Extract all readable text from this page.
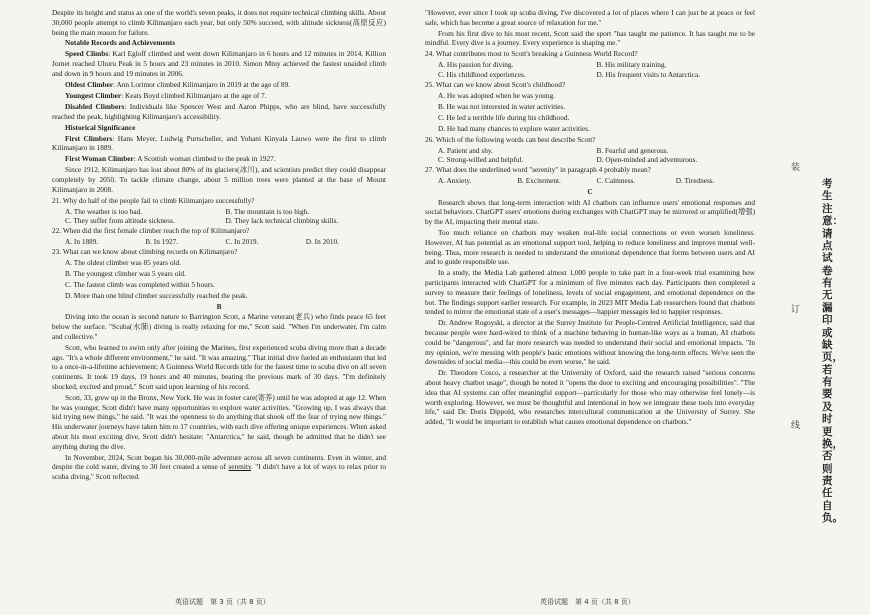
Despite its height and status as one of the world's seven peaks, it does not require technical climbing skills. About 30,000 people attempt to climb Kilimanjaro each year, but only 50% succeed, with altitude sickness(高原反应) being the main reason for failure.

Notable Records and Achievements

Speed Climbs: Karl Egloff climbed and went down Kilimanjaro in 6 hours and 12 minutes in 2014. Killion Jornet reached Uhuru Peak in 5 hours and 23 minutes in 2010. Simon Mtuy achieved the fastest unaided climb and down in 9 hours and 19 minutes in 2006.

Oldest Climber: Ann Lorimor climbed Kilimanjaro in 2019 at the age of 89.

Youngest Climber: Keats Boyd climbed Kilimanjaro at the age of 7.

Disabled Climbers: Individuals like Spencer West and Aaron Phipps, who are blind, have successfully reached the peak, highlighting Kilimanjaro's accessibility.

Historical Significance

First Climbers: Hans Meyer, Ludwig Purtscheller, and Yohani Kinyala Lauwo were the first to climb Kilimanjaro in 1889.

First Woman Climber: A Scottish woman climbed to the peak in 1927.

Since 1912, Kilimanjaro has lost about 80% of its glaciers(冰川), and scientists predict they could disappear completely by 2050. To tackle climate change, about 5 million trees were planted at the base of Mount Kilimanjaro in 2008.

21. Why do half of the people fail to climb Kilimanjaro successfully?

A. The weather is too bad.	B. The mountain is too high.
C. They suffer from altitude sickness.	D. They lack technical climbing skills.

22. When did the first female climber reach the top of Kilimanjaro?

A. In 1889.	B. In 1927.	C. In 2019.	D. In 2010.

23. What can we know about climbing records on Kilimanjaro?

A. The oldest climber was 85 years old.

B. The youngest climber was 5 years old.

C. The fastest climb was completed within 5 hours.

D. More than one blind climber successfully reached the peak.

B

Diving into the ocean is second nature to Barrington Scott, a Marine veteran(老兵) who finds peace 65 feet below the surface. "Scuba(水肺) diving is really relaxing for me," Scott said. "When I'm underwater, I'm calm and collective."

Scott, who learned to swim only after joining the Marines, first experienced scuba diving more than a decade ago. "It's a whole different environment," he said. "It was amazing." That initial dive fueled an enthusiasm that led to a once-in-a-lifetime achievement; A Guinness World Records title for the fastest time to scuba dive on all seven continents. It took 19 days, 19 hours and 40 minutes, beating the previous mark of 30 days. "I'm definitely shocked, excited and proud," Scott said upon learning of his record.

Scott, 33, grew up in the Bronx, New York. He was in foster care(寄养) until he was adopted at age 12. When he was younger, Scott didn't have many opportunities to explore water activities. "Growing up, I was always that kid trying new things," he said. "It was the openness to do anything that shook off the fear of trying new things." His underwater journeys have taken him to 17 countries, with each dive offering unique experiences. When asked about his most exciting dive, Scott didn't hesitate: "Antarctica," he said, though he admitted that he didn't see anything during the dive.

In November, 2024, Scott began his 30,000-mile adventure across all seven continents. Even in winter, and despite the cold water, diving to 30 feet created a sense of serenity. "I didn't have a lot of ways to relax prior to scuba diving," Scott reflected.

英语试题　第 3 页（共 8 页）

"However, ever since I took up scuba diving, I've discovered a lot of places where I can just be at peace or feel safe, which has become a great source of relaxation for me."

From his first dive to his most recent, Scott said the sport "has taught me patience. It has taught me to be mindful. Every dive is a journey. Every experience is shaping me."

24. What contributes most to Scott's breaking a Guinness World Record?

A. His passion for diving.	B. His military training.
C. His childhood experiences.	D. His frequent visits to Antarctica.

25. What can we know about Scott's childhood?

A. He was adopted when he was young.

B. He was not interested in water activities.

C. He led a terrible life during his childhood.

D. He had many chances to explore water activities.

26. Which of the following words can best describe Scott?

A. Patient and shy.	B. Fearful and generous.
C. Strong-willed and helpful.	D. Open-minded and adventurous.

27. What does the underlined word "serenity" in paragraph 4 probably mean?

A. Anxiety.	B. Excitement.	C. Calmness.	D. Tiredness.

C

Research shows that long-term interaction with AI chatbots can influence users' emotional responses and social behaviors. ChatGPT users' emotions during exchanges with ChatGPT may be mirrored or amplified(增强) by the AI, impacting their mental state.

Too much reliance on chatbots may weaken real-life social connections or even worsen loneliness. However, AI has potential as an emotional support tool, helping to reduce loneliness and improve mental well-being. Thus, more research is needed to understand the emotional dependence that forms between users and AI and to guide responsible use.

In a study, the Media Lab gathered almost 1,000 people to take part in a four-week trial examining how participants interacted with ChatGPT for a minimum of five minutes each day. Participants then completed a survey to measure their feelings of loneliness, levels of social engagement, and emotional dependence on the bot. The findings support earlier research. For example, in 2023 MIT Media Lab researchers found that chatbots tended to mirror the emotional state of a user's messages—happier messages led to happier responses.

Dr. Andrew Rogoyski, a director at the Surrey Institute for People-Centred Artificial Intelligence, said that because people were hard-wired to think of a machine behaving in human-like ways as a human, AI chatbots could be "dangerous", and far more research was needed to understand their social and emotional impacts. "In my opinion, we're messing with people's basic emotions without knowing the long-term effects. We've seen the downsides of social media—this could be even worse," he said.

Dr. Theodore Cosco, a researcher at the University of Oxford, said the research raised "serious concerns about heavy chatbot usage", though he noted it "opens the door to exciting and encouraging possibilities". "The idea that AI systems can offer meaningful support—particularly for those who may otherwise feel lonely—is worth exploring. However, we must be thoughtful and intentional in how we integrate these tools into everyday life," said Dr. Doris Dippold, who researches intercultural communication at the University of Surrey. She added, "It would be important to establish what causes emotional dependence on chatbots."

英语试题　第 4 页（共 8 页）
装
订
线
考生注意：请点试卷有无漏印或缺页，若有要及时更换，否则责任自负。
